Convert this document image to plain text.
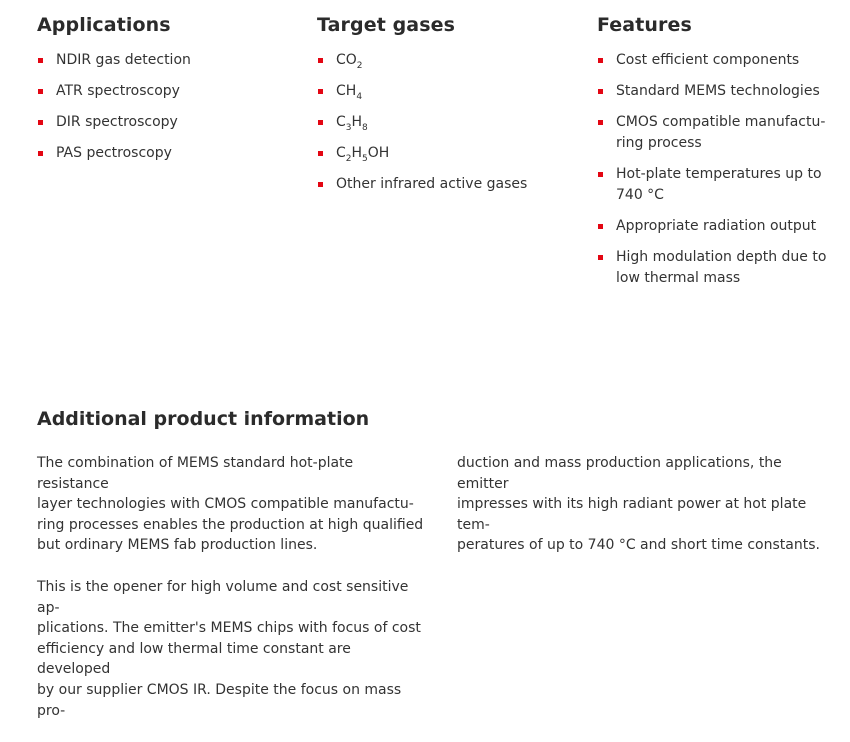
Applications
NDIR gas detection
ATR spectroscopy
DIR spectroscopy
PAS pectroscopy
Target gases
$CO_2$
$CH_4$
$C_3H_8$
$C_2H_5OH$
Other infrared active gases
Features
Cost efficient components
Standard MEMS technologies
CMOS compatible manufactu-
ring process
Hot-plate temperatures up to
740 °C
Appropriate radiation output
High modulation depth due to
low thermal mass
Additional product information

The combination of MEMS standard hot-plate resistance
layer technologies with CMOS compatible manufactu-
ring processes enables the production at high qualified
but ordinary MEMS fab production lines.

This is the opener for high volume and cost sensitive ap-
plications. The emitter's MEMS chips with focus of cost
efficiency and low thermal time constant are developed
by our supplier CMOS IR. Despite the focus on mass pro-

duction and mass production applications, the emitter
impresses with its high radiant power at hot plate tem-
peratures of up to 740 °C and short time constants.
